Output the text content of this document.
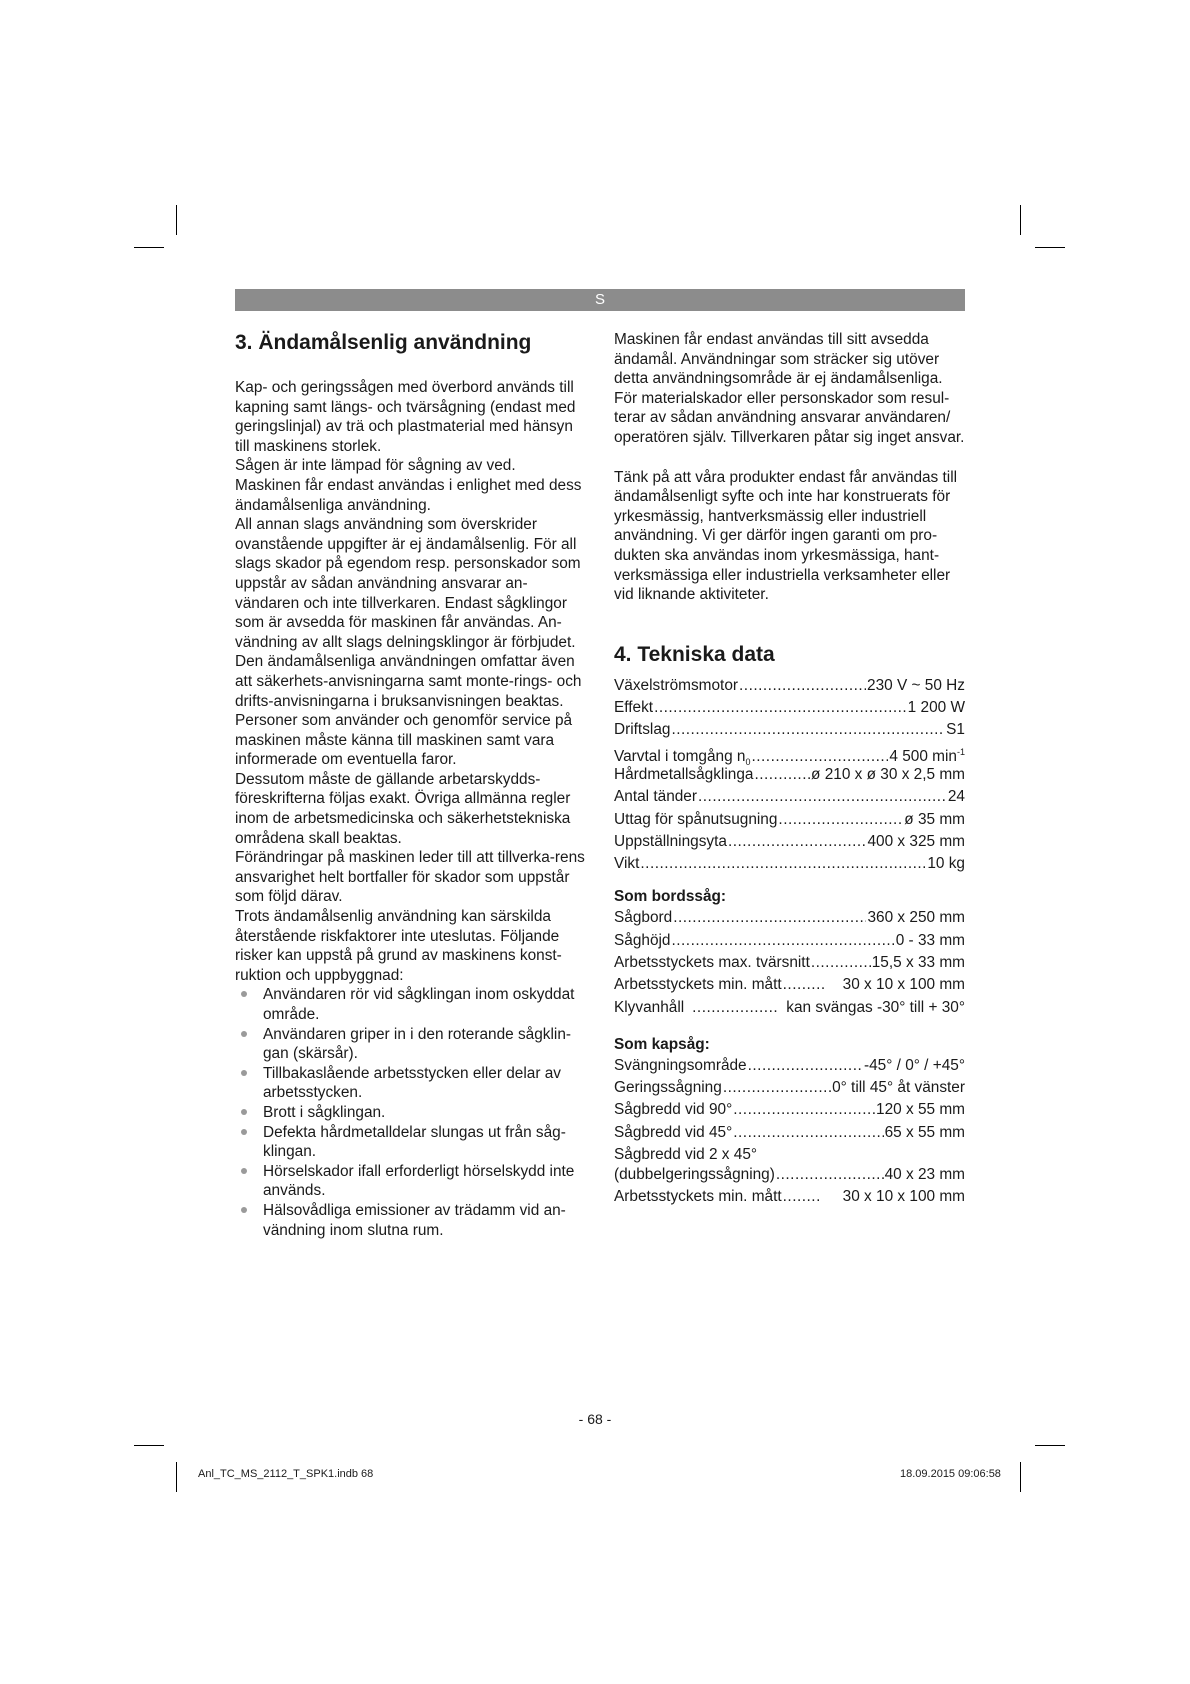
S
3. Ändamålsenlig användning

Kap- och geringssågen med överbord används till kapning samt längs- och tvärsågning (endast med geringslinjal) av trä och plastmaterial med hänsyn till maskinens storlek.

Sågen är inte lämpad för sågning av ved.

Maskinen får endast användas i enlighet med dess ändamålsenliga användning.

All annan slags användning som överskrider ovanstående uppgifter är ej ändamålsenlig. För all slags skador på egendom resp. personskador som uppstår av sådan användning ansvarar an-vändaren och inte tillverkaren. Endast sågklingor som är avsedda för maskinen får användas. An-vändning av allt slags delningsklingor är förbjudet.

Den ändamålsenliga användningen omfattar även att säkerhets-anvisningarna samt monte-rings- och drifts-anvisningarna i bruksanvisningen beaktas.

Personer som använder och genomför service på maskinen måste känna till maskinen samt vara informerade om eventuella faror.

Dessutom måste de gällande arbetarskydds-föreskrifterna följas exakt. Övriga allmänna regler inom de arbetsmedicinska och säkerhetstekniska områdena skall beaktas.

Förändringar på maskinen leder till att tillverka-rens ansvarighet helt bortfaller för skador som uppstår som följd därav.

Trots ändamålsenlig användning kan särskilda återstående riskfaktorer inte uteslutas. Följande risker kan uppstå på grund av maskinens konst-ruktion och uppbyggnad:

Användaren rör vid sågklingan inom oskyddat område.
Användaren griper in i den roterande sågklin-gan (skärsår).
Tillbakaslående arbetsstycken eller delar av arbetsstycken.
Brott i sågklingan.
Defekta hårdmetalldelar slungas ut från såg-klingan.
Hörselskador ifall erforderligt hörselskydd inte används.
Hälsovådliga emissioner av trädamm vid an-vändning inom slutna rum.

Maskinen får endast användas till sitt avsedda ändamål. Användningar som sträcker sig utöver detta användningsområde är ej ändamålsenliga. För materialskador eller personskador som resul-terar av sådan användning ansvarar användaren/ operatören själv. Tillverkaren påtar sig inget ansvar.

Tänk på att våra produkter endast får användas till ändamålsenligt syfte och inte har konstruerats för yrkesmässig, hantverksmässig eller industriell användning. Vi ger därför ingen garanti om pro-dukten ska användas inom yrkesmässiga, hant-verksmässiga eller industriella verksamheter eller vid liknande aktiviteter.

4. Tekniska data
Växelströmsmotor .....	230 V ~ 50 Hz
Effekt .....	1 200 W
Driftslag .....	S1
Varvtal i tomgång $n_0$ .....	4 500 $\min^{-1}$
Hårdmetallsågklinga .....	ø 210 x ø 30 x 2,5 mm
Antal tänder .....	24
Uttag för spånutsugning .....	ø 35 mm
Uppställningsyta .....	400 x 325 mm
Vikt .....	10 kg

Som bordssåg:

Sågbord .....	360 x 250 mm
Såghöjd .....	0 - 33 mm
Arbetsstyckets max. tvärsnitt .....	15,5 x 33 mm
Arbetsstyckets min. mått .....	30 x 10 x 100 mm
Klyvanhåll .....	kan svängas -30° till + 30°

Som kapsåg:

Svängningsområde .....	-45° / 0° / +45°
Geringssågning .....	0° till 45° åt vänster
Sågbredd vid 90° .....	120 x 55 mm
Sågbredd vid 45° .....	65 x 55 mm
Sågbredd vid 2 x 45°
(dubbelgeringssågning) .....	40 x 23 mm
Arbetsstyckets min. mått .....	30 x 10 x 100 mm
- 68 -
Anl_TC_MS_2112_T_SPK1.indb 68	18.09.2015 09:06:58
